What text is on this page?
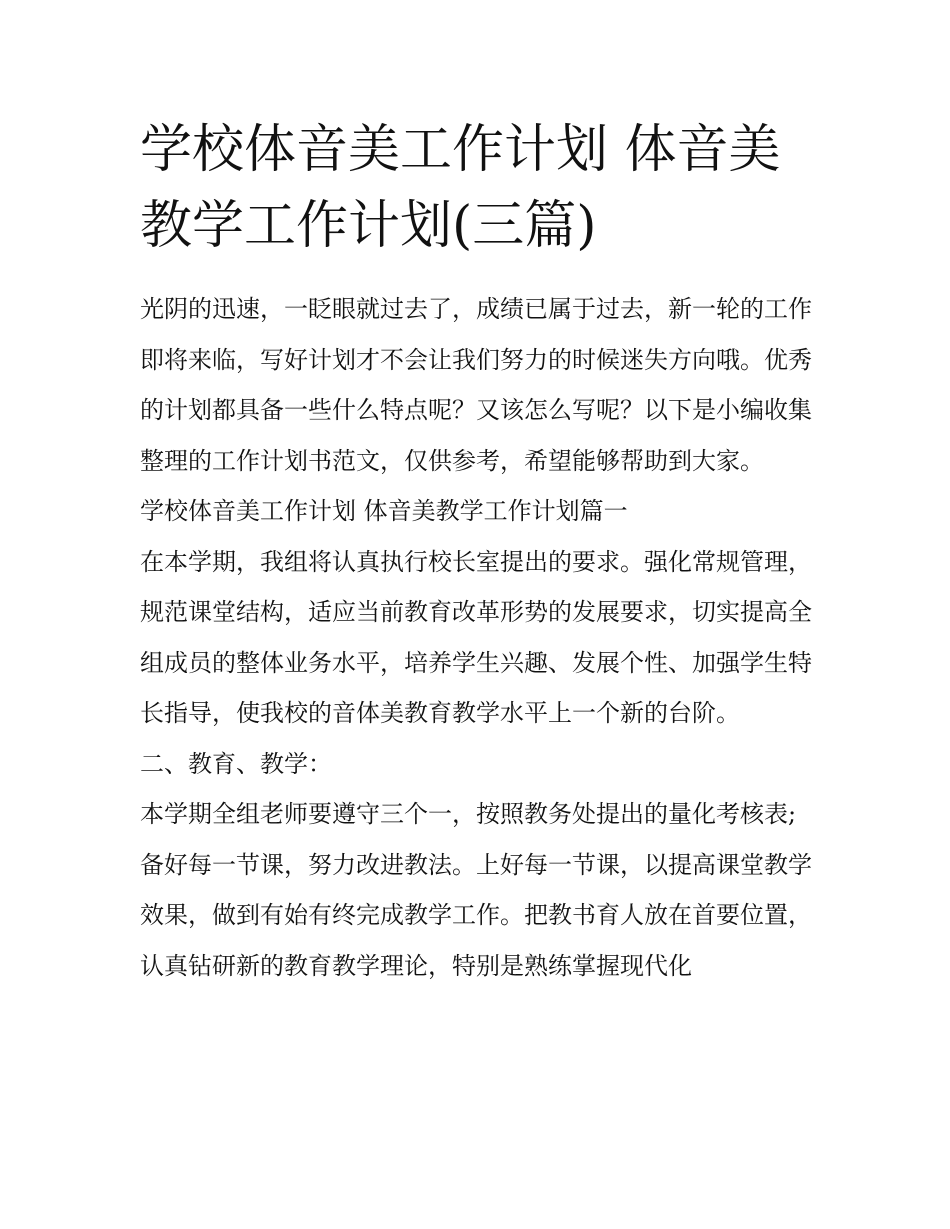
学校体音美工作计划 体音美教学工作计划(三篇)

光阴的迅速，一眨眼就过去了，成绩已属于过去，新一轮的工作即将来临，写好计划才不会让我们努力的时候迷失方向哦。优秀的计划都具备一些什么特点呢？又该怎么写呢？以下是小编收集整理的工作计划书范文，仅供参考，希望能够帮助到大家。

学校体音美工作计划 体音美教学工作计划篇一

在本学期，我组将认真执行校长室提出的要求。强化常规管理，规范课堂结构，适应当前教育改革形势的发展要求，切实提高全组成员的整体业务水平，培养学生兴趣、发展个性、加强学生特长指导，使我校的音体美教育教学水平上一个新的台阶。

二、教育、教学：

本学期全组老师要遵守三个一，按照教务处提出的量化考核表;备好每一节课，努力改进教法。上好每一节课，以提高课堂教学效果，做到有始有终完成教学工作。把教书育人放在首要位置，认真钻研新的教育教学理论，特别是熟练掌握现代化
